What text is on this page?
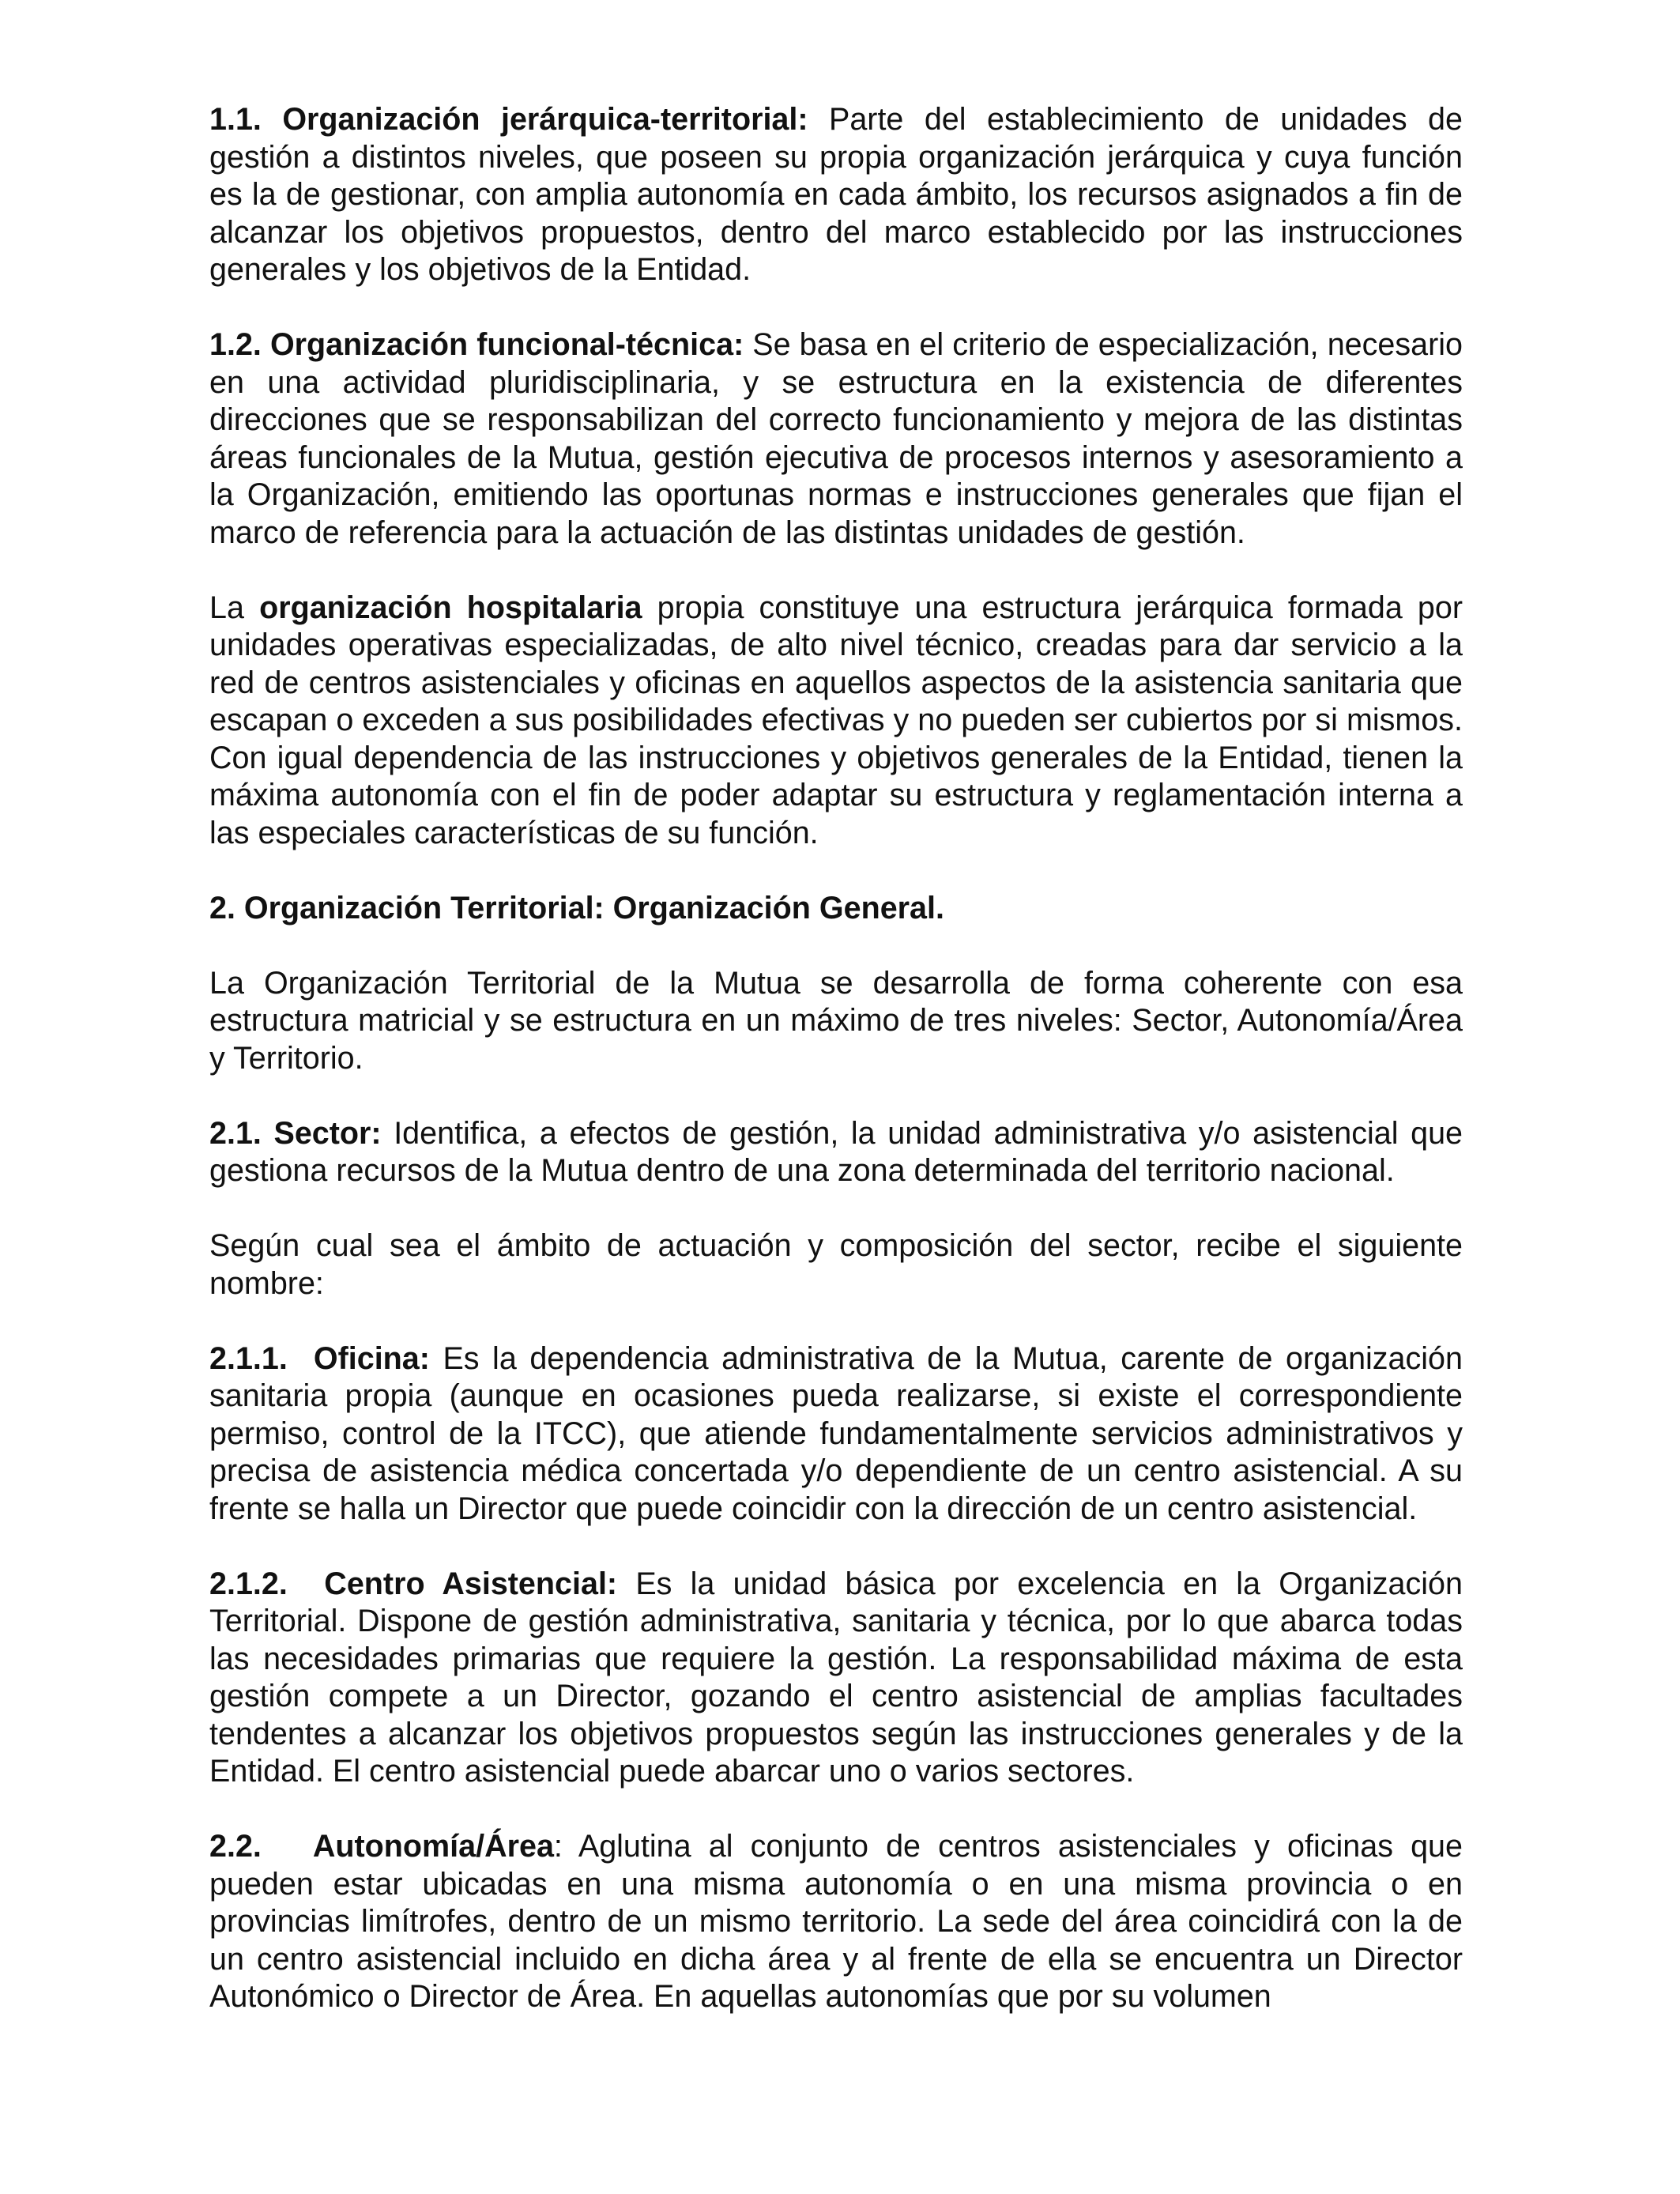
1.1. Organización jerárquica-territorial: Parte del establecimiento de unidades de gestión a distintos niveles, que poseen su propia organización jerárquica y cuya función es la de gestionar, con amplia autonomía en cada ámbito, los recursos asignados a fin de alcanzar los objetivos propuestos, dentro del marco establecido por las instrucciones generales y los objetivos de la Entidad.

1.2. Organización funcional-técnica: Se basa en el criterio de especialización, necesario en una actividad pluridisciplinaria, y se estructura en la existencia de diferentes direcciones que se responsabilizan del correcto funcionamiento y mejora de las distintas áreas funcionales de la Mutua, gestión ejecutiva de procesos internos y asesoramiento a la Organización, emitiendo las oportunas normas e instrucciones generales que fijan el marco de referencia para la actuación de las distintas unidades de gestión.

La organización hospitalaria propia constituye una estructura jerárquica formada por unidades operativas especializadas, de alto nivel técnico, creadas para dar servicio a la red de centros asistenciales y oficinas en aquellos aspectos de la asistencia sanitaria que escapan o exceden a sus posibilidades efectivas y no pueden ser cubiertos por si mismos. Con igual dependencia de las instrucciones y objetivos generales de la Entidad, tienen la máxima autonomía con el fin de poder adaptar su estructura y reglamentación interna a las especiales características de su función.

2. Organización Territorial: Organización General.

La Organización Territorial de la Mutua se desarrolla de forma coherente con esa estructura matricial y se estructura en un máximo de tres niveles: Sector, Autonomía/Área y Territorio.

2.1. Sector: Identifica, a efectos de gestión, la unidad administrativa y/o asistencial que gestiona recursos de la Mutua dentro de una zona determinada del territorio nacional.

Según cual sea el ámbito de actuación y composición del sector, recibe el siguiente nombre:

2.1.1.  Oficina: Es la dependencia administrativa de la Mutua, carente de organización sanitaria propia (aunque en ocasiones pueda realizarse, si existe el correspondiente permiso, control de la ITCC), que atiende fundamentalmente servicios administrativos y precisa de asistencia médica concertada y/o dependiente de un centro asistencial. A su frente se halla un Director que puede coincidir con la dirección de un centro asistencial.

2.1.2.  Centro Asistencial: Es la unidad básica por excelencia en la Organización Territorial. Dispone de gestión administrativa, sanitaria y técnica, por lo que abarca todas las necesidades primarias que requiere la gestión. La responsabilidad máxima de esta gestión compete a un Director, gozando el centro asistencial de amplias facultades tendentes a alcanzar los objetivos propuestos según las instrucciones generales y de la Entidad. El centro asistencial puede abarcar uno o varios sectores.

2.2.   Autonomía/Área: Aglutina al conjunto de centros asistenciales y oficinas que pueden estar ubicadas en una misma autonomía o en una misma provincia o en provincias limítrofes, dentro de un mismo territorio. La sede del área coincidirá con la de un centro asistencial incluido en dicha área y al frente de ella se encuentra un Director Autonómico o Director de Área. En aquellas autonomías que por su volumen
